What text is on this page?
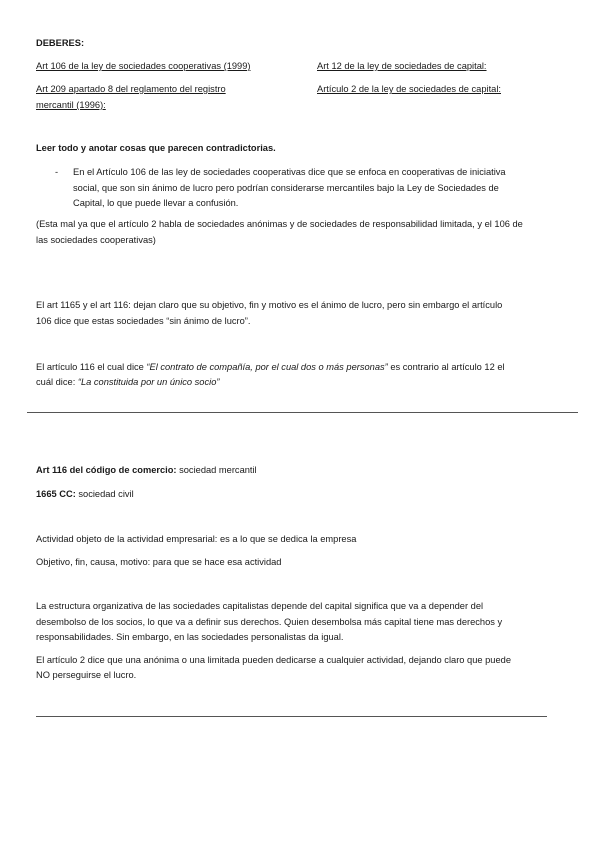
DEBERES:
Art 106 de la ley de sociedades cooperativas (1999)	Art 12 de la ley de sociedades de capital:
Art 209 apartado 8 del reglamento del registro
mercantil (1996):
Artículo 2 de la ley de sociedades de capital:
Leer todo y anotar cosas que parecen contradictorias.
- En el Artículo 106 de las ley de sociedades cooperativas dice que se enfoca en cooperativas de iniciativa
social, que son sin ánimo de lucro pero podrían considerarse mercantiles bajo la Ley de Sociedades de
Capital, lo que puede llevar a confusión.
(Esta mal ya que el artículo 2 habla de sociedades anónimas y de sociedades de responsabilidad limitada, y el 106 de
las sociedades cooperativas)
El art 1165 y el art 116: dejan claro que su objetivo, fin y motivo es el ánimo de lucro, pero sin embargo el artículo
106 dice que estas sociedades “sin ánimo de lucro”.
El artículo 116 el cual dice “El contrato de compañía, por el cual dos o más personas” es contrario al artículo 12 el
cuál dice: “La constituida por un único socio”
Art 116 del código de comercio: sociedad mercantil
1665 CC: sociedad civil
Actividad objeto de la actividad empresarial: es a lo que se dedica la empresa
Objetivo, fin, causa, motivo: para que se hace esa actividad
La estructura organizativa de las sociedades capitalistas depende del capital significa que va a depender del
desembolso de los socios, lo que va a definir sus derechos. Quien desembolsa más capital tiene mas derechos y
responsabilidades. Sin embargo, en las sociedades personalistas da igual.
El artículo 2 dice que una anónima o una limitada pueden dedicarse a cualquier actividad, dejando claro que puede
NO perseguirse el lucro.
